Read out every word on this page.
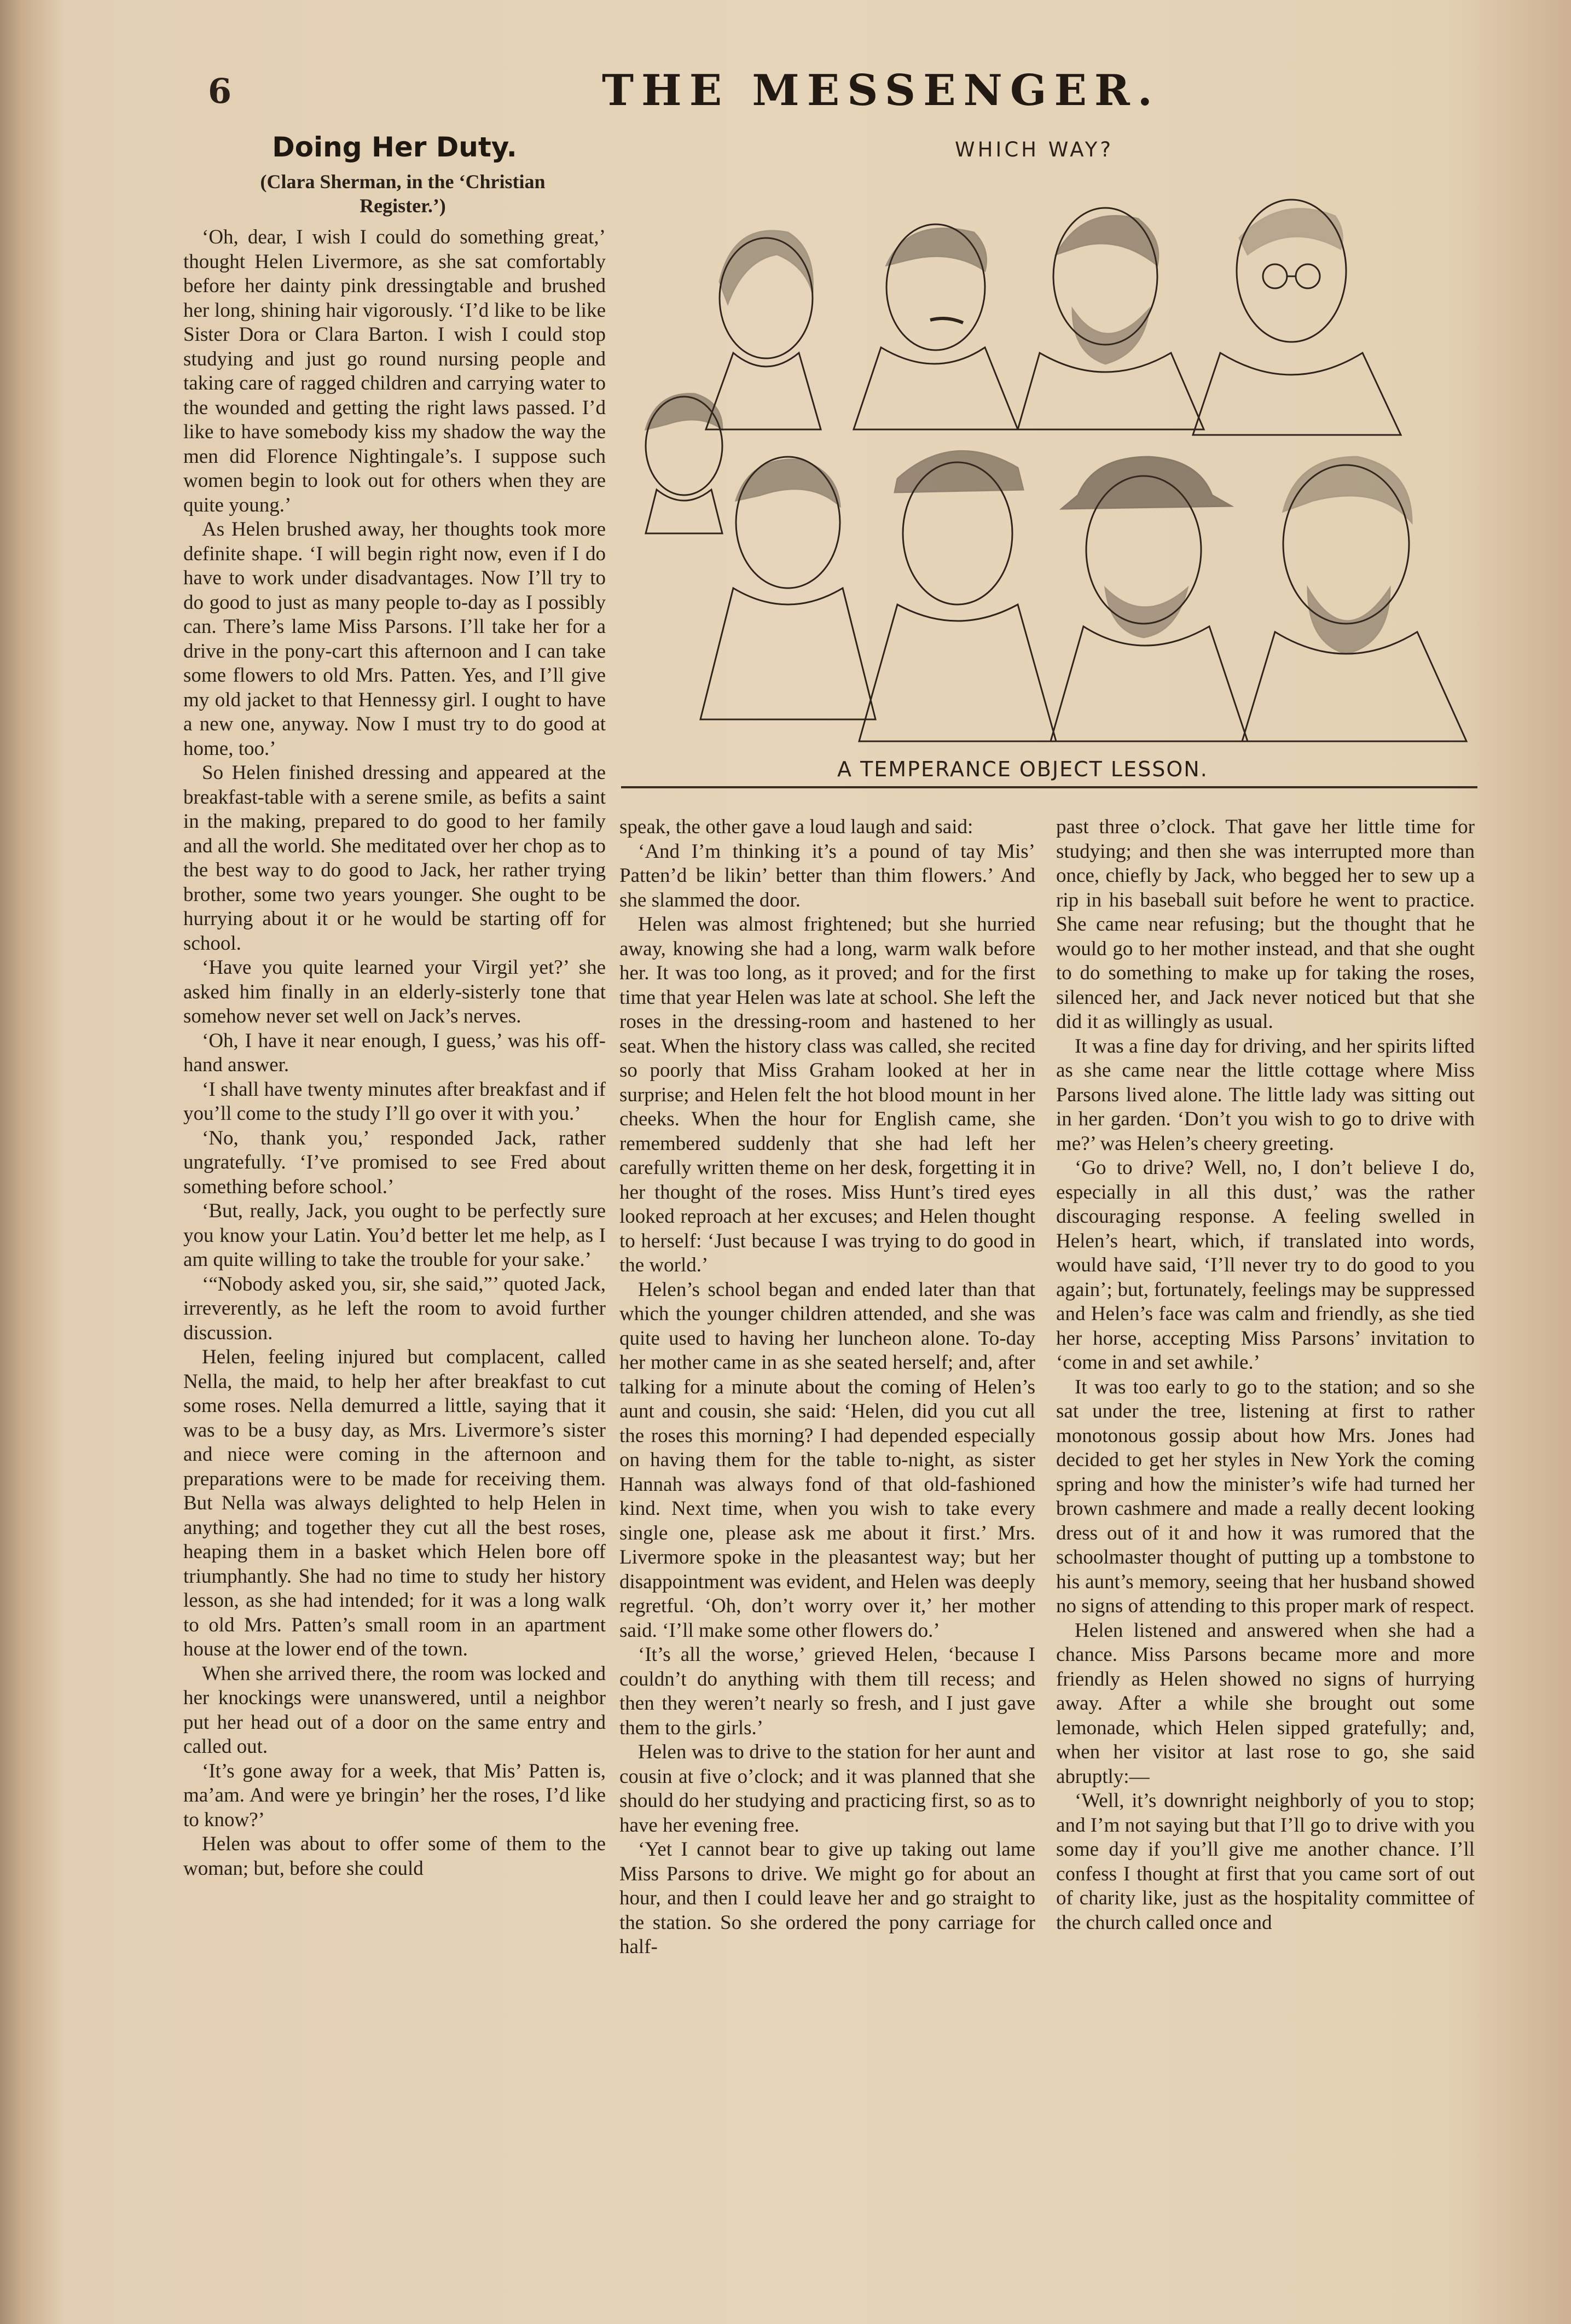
6	THE MESSENGER.
Doing Her Duty.
(Clara Sherman, in the ‘Christian Register.’)

‘Oh, dear, I wish I could do something great,’ thought Helen Livermore, as she sat comfortably before her dainty pink dressingtable and brushed her long, shining hair vigorously. ‘I’d like to be like Sister Dora or Clara Barton. I wish I could stop studying and just go round nursing people and taking care of ragged children and carrying water to the wounded and getting the right laws passed. I’d like to have somebody kiss my shadow the way the men did Florence Nightingale’s. I suppose such women begin to look out for others when they are quite young.’

As Helen brushed away, her thoughts took more definite shape. ‘I will begin right now, even if I do have to work under disadvantages. Now I’ll try to do good to just as many people to-day as I possibly can. There’s lame Miss Parsons. I’ll take her for a drive in the pony-cart this afternoon and I can take some flowers to old Mrs. Patten. Yes, and I’ll give my old jacket to that Hennessy girl. I ought to have a new one, anyway. Now I must try to do good at home, too.’

So Helen finished dressing and appeared at the breakfast-table with a serene smile, as befits a saint in the making, prepared to do good to her family and all the world. She meditated over her chop as to the best way to do good to Jack, her rather trying brother, some two years younger. She ought to be hurrying about it or he would be starting off for school.

‘Have you quite learned your Virgil yet?’ she asked him finally in an elderly-sisterly tone that somehow never set well on Jack’s nerves.

‘Oh, I have it near enough, I guess,’ was his off-hand answer.

‘I shall have twenty minutes after breakfast and if you’ll come to the study I’ll go over it with you.’

‘No, thank you,’ responded Jack, rather ungratefully. ‘I’ve promised to see Fred about something before school.’

‘But, really, Jack, you ought to be perfectly sure you know your Latin. You’d better let me help, as I am quite willing to take the trouble for your sake.’

‘“Nobody asked you, sir, she said,”’ quoted Jack, irreverently, as he left the room to avoid further discussion.

Helen, feeling injured but complacent, called Nella, the maid, to help her after breakfast to cut some roses. Nella demurred a little, saying that it was to be a busy day, as Mrs. Livermore’s sister and niece were coming in the afternoon and preparations were to be made for receiving them. But Nella was always delighted to help Helen in anything; and together they cut all the best roses, heaping them in a basket which Helen bore off triumphantly. She had no time to study her history lesson, as she had intended; for it was a long walk to old Mrs. Patten’s small room in an apartment house at the lower end of the town.

When she arrived there, the room was locked and her knockings were unanswered, until a neighbor put her head out of a door on the same entry and called out.

‘It’s gone away for a week, that Mis’ Patten is, ma’am. And were ye bringin’ her the roses, I’d like to know?’

Helen was about to offer some of them to the woman; but, before she could

WHICH WAY?
A TEMPERANCE OBJECT LESSON.

speak, the other gave a loud laugh and said:

‘And I’m thinking it’s a pound of tay Mis’ Patten’d be likin’ better than thim flowers.’ And she slammed the door.

Helen was almost frightened; but she hurried away, knowing she had a long, warm walk before her. It was too long, as it proved; and for the first time that year Helen was late at school. She left the roses in the dressing-room and hastened to her seat. When the history class was called, she recited so poorly that Miss Graham looked at her in surprise; and Helen felt the hot blood mount in her cheeks. When the hour for English came, she remembered suddenly that she had left her carefully written theme on her desk, forgetting it in her thought of the roses. Miss Hunt’s tired eyes looked reproach at her excuses; and Helen thought to herself: ‘Just because I was trying to do good in the world.’

Helen’s school began and ended later than that which the younger children attended, and she was quite used to having her luncheon alone. To-day her mother came in as she seated herself; and, after talking for a minute about the coming of Helen’s aunt and cousin, she said: ‘Helen, did you cut all the roses this morning? I had depended especially on having them for the table to-night, as sister Hannah was always fond of that old-fashioned kind. Next time, when you wish to take every single one, please ask me about it first.’ Mrs. Livermore spoke in the pleasantest way; but her disappointment was evident, and Helen was deeply regretful. ‘Oh, don’t worry over it,’ her mother said. ‘I’ll make some other flowers do.’

‘It’s all the worse,’ grieved Helen, ‘because I couldn’t do anything with them till recess; and then they weren’t nearly so fresh, and I just gave them to the girls.’

Helen was to drive to the station for her aunt and cousin at five o’clock; and it was planned that she should do her studying and practicing first, so as to have her evening free.

‘Yet I cannot bear to give up taking out lame Miss Parsons to drive. We might go for about an hour, and then I could leave her and go straight to the station. So she ordered the pony carriage for half-

past three o’clock. That gave her little time for studying; and then she was interrupted more than once, chiefly by Jack, who begged her to sew up a rip in his baseball suit before he went to practice. She came near refusing; but the thought that he would go to her mother instead, and that she ought to do something to make up for taking the roses, silenced her, and Jack never noticed but that she did it as willingly as usual.

It was a fine day for driving, and her spirits lifted as she came near the little cottage where Miss Parsons lived alone. The little lady was sitting out in her garden. ‘Don’t you wish to go to drive with me?’ was Helen’s cheery greeting.

‘Go to drive? Well, no, I don’t believe I do, especially in all this dust,’ was the rather discouraging response. A feeling swelled in Helen’s heart, which, if translated into words, would have said, ‘I’ll never try to do good to you again’; but, fortunately, feelings may be suppressed and Helen’s face was calm and friendly, as she tied her horse, accepting Miss Parsons’ invitation to ‘come in and set awhile.’

It was too early to go to the station; and so she sat under the tree, listening at first to rather monotonous gossip about how Mrs. Jones had decided to get her styles in New York the coming spring and how the minister’s wife had turned her brown cashmere and made a really decent looking dress out of it and how it was rumored that the schoolmaster thought of putting up a tombstone to his aunt’s memory, seeing that her husband showed no signs of attending to this proper mark of respect.

Helen listened and answered when she had a chance. Miss Parsons became more and more friendly as Helen showed no signs of hurrying away. After a while she brought out some lemonade, which Helen sipped gratefully; and, when her visitor at last rose to go, she said abruptly:—

‘Well, it’s downright neighborly of you to stop; and I’m not saying but that I’ll go to drive with you some day if you’ll give me another chance. I’ll confess I thought at first that you came sort of out of charity like, just as the hospitality committee of the church called once and
